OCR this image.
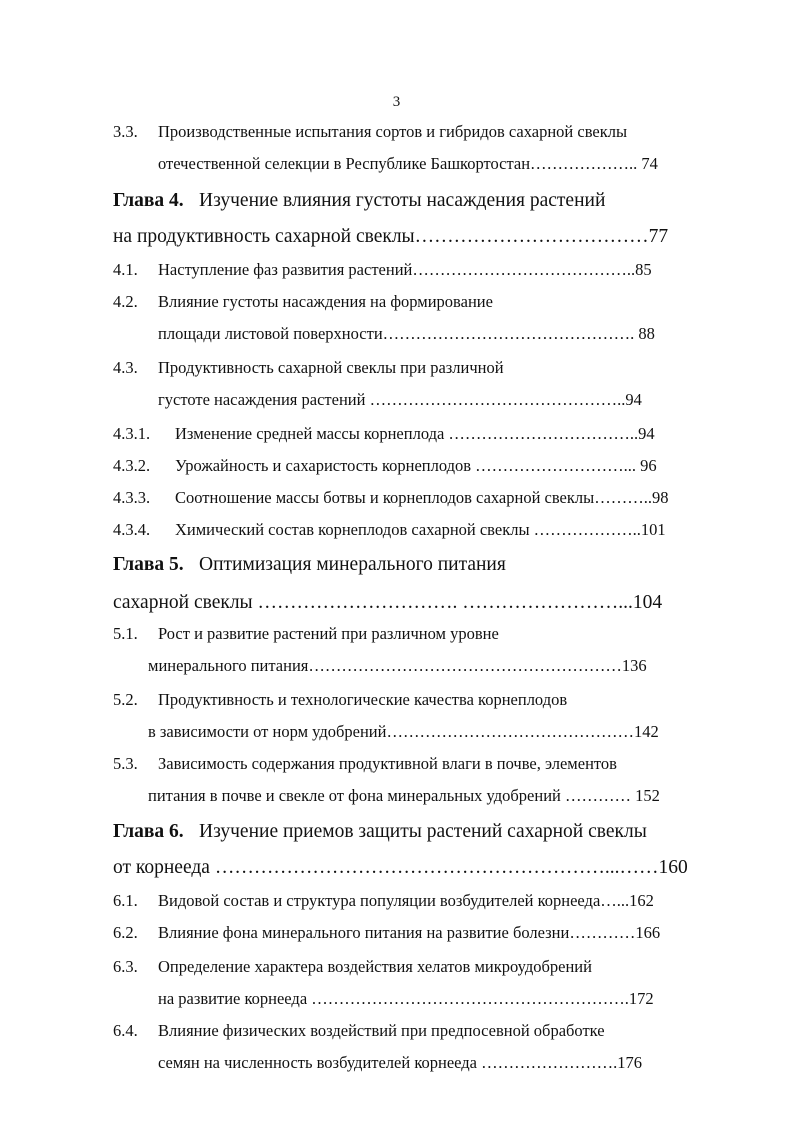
3
3.3. Производственные испытания сортов и гибридов сахарной свеклы
отечественной селекции в Республике Башкортостан……………….. 74
Глава 4. Изучение влияния густоты насаждения растений
на продуктивность сахарной свеклы………………………………77
4.1. Наступление фаз развития растений…………………………………..85
4.2. Влияние густоты насаждения на формирование
площади листовой поверхности………………………………………. 88
4.3. Продуктивность сахарной свеклы при различной
густоте насаждения растений ………………………………………..94
4.3.1. Изменение средней массы корнеплода ……………………………..94
4.3.2. Урожайность и сахаристость корнеплодов ………………………... 96
4.3.3. Соотношение массы ботвы и корнеплодов сахарной свеклы………..98
4.3.4. Химический состав корнеплодов сахарной свеклы ………………..101
Глава 5. Оптимизация минерального питания
сахарной свеклы …………………………. ……………………...104
5.1. Рост и развитие растений при различном уровне
минерального питания…………………………………………………136
5.2. Продуктивность и технологические качества корнеплодов
в зависимости от норм удобрений………………………………………142
5.3. Зависимость содержания продуктивной влаги в почве, элементов
питания в почве и свекле от фона минеральных удобрений ………… 152
Глава 6. Изучение приемов защиты растений сахарной свеклы
от корнееда ……………………………………………………...……160
6.1. Видовой состав и структура популяции возбудителей корнееда…...162
6.2. Влияние фона минерального питания на развитие болезни…………166
6.3. Определение характера воздействия хелатов микроудобрений
на развитие корнееда ………………………………………………….172
6.4. Влияние физических воздействий при предпосевной обработке
семян на численность возбудителей корнееда …………………….176
